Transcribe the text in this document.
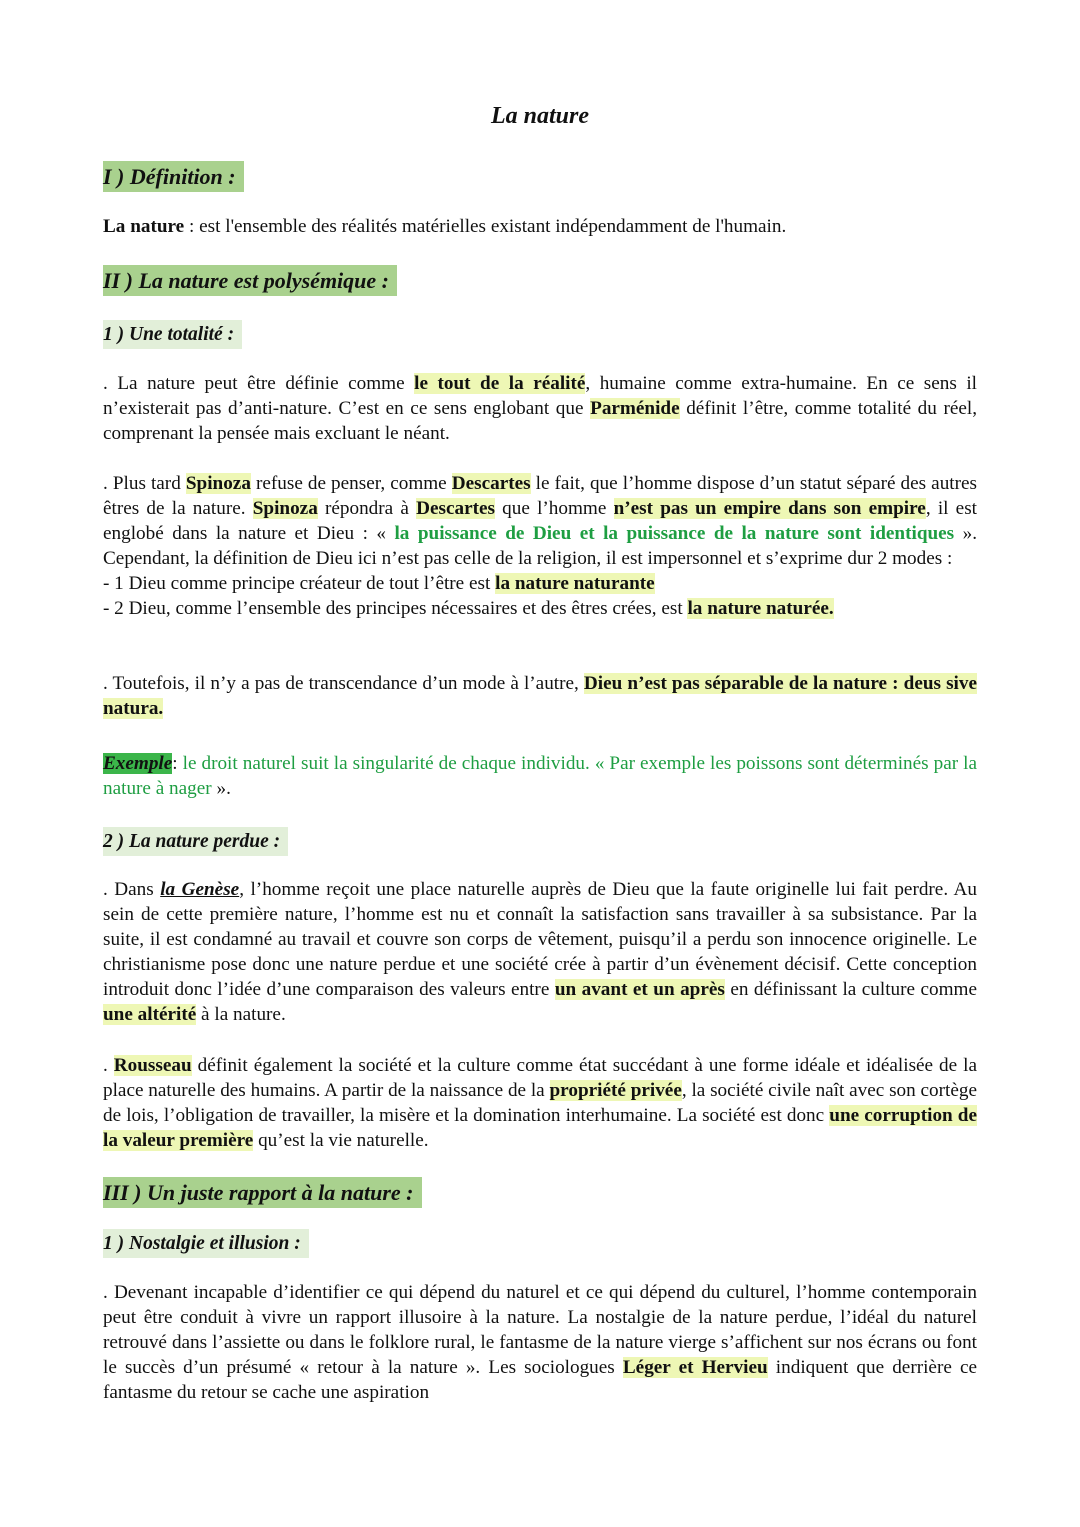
La nature
I ) Définition :
La nature : est l'ensemble des réalités matérielles existant indépendamment de l'humain.
II ) La nature est polysémique :
1 ) Une totalité :
. La nature peut être définie comme le tout de la réalité, humaine comme extra-humaine. En ce sens il n’existerait pas d’anti-nature. C’est en ce sens englobant que Parménide définit l’être, comme totalité du réel, comprenant la pensée mais excluant le néant.
. Plus tard Spinoza refuse de penser, comme Descartes le fait, que l’homme dispose d’un statut séparé des autres êtres de la nature. Spinoza répondra à Descartes que l’homme n’est pas un empire dans son empire, il est englobé dans la nature et Dieu : « la puissance de Dieu et la puissance de la nature sont identiques ». Cependant, la définition de Dieu ici n’est pas celle de la religion, il est impersonnel et s’exprime dur 2 modes :
- 1 Dieu comme principe créateur de tout l’être est la nature naturante
- 2 Dieu, comme l’ensemble des principes nécessaires et des êtres crées, est la nature naturée.
. Toutefois, il n’y a pas de transcendance d’un mode à l’autre, Dieu n’est pas séparable de la nature : deus sive natura.
Exemple: le droit naturel suit la singularité de chaque individu. « Par exemple les poissons sont déterminés par la nature à nager ».
2 ) La nature perdue :
. Dans la Genèse, l’homme reçoit une place naturelle auprès de Dieu que la faute originelle lui fait perdre. Au sein de cette première nature, l’homme est nu et connaît la satisfaction sans travailler à sa subsistance. Par la suite, il est condamné au travail et couvre son corps de vêtement, puisqu’il a perdu son innocence originelle. Le christianisme pose donc une nature perdue et une société crée à partir d’un évènement décisif. Cette conception introduit donc l’idée d’une comparaison des valeurs entre un avant et un après en définissant la culture comme une altérité à la nature.
. Rousseau définit également la société et la culture comme état succédant à une forme idéale et idéalisée de la place naturelle des humains. A partir de la naissance de la propriété privée, la société civile naît avec son cortège de lois, l’obligation de travailler, la misère et la domination interhumaine. La société est donc une corruption de la valeur première qu’est la vie naturelle.
III ) Un juste rapport à la nature :
1 ) Nostalgie et illusion :
. Devenant incapable d’identifier ce qui dépend du naturel et ce qui dépend du culturel, l’homme contemporain peut être conduit à vivre un rapport illusoire à la nature. La nostalgie de la nature perdue, l’idéal du naturel retrouvé dans l’assiette ou dans le folklore rural, le fantasme de la nature vierge s’affichent sur nos écrans ou font le succès d’un présumé « retour à la nature ». Les sociologues Léger et Hervieu indiquent que derrière ce fantasme du retour se cache une aspiration
